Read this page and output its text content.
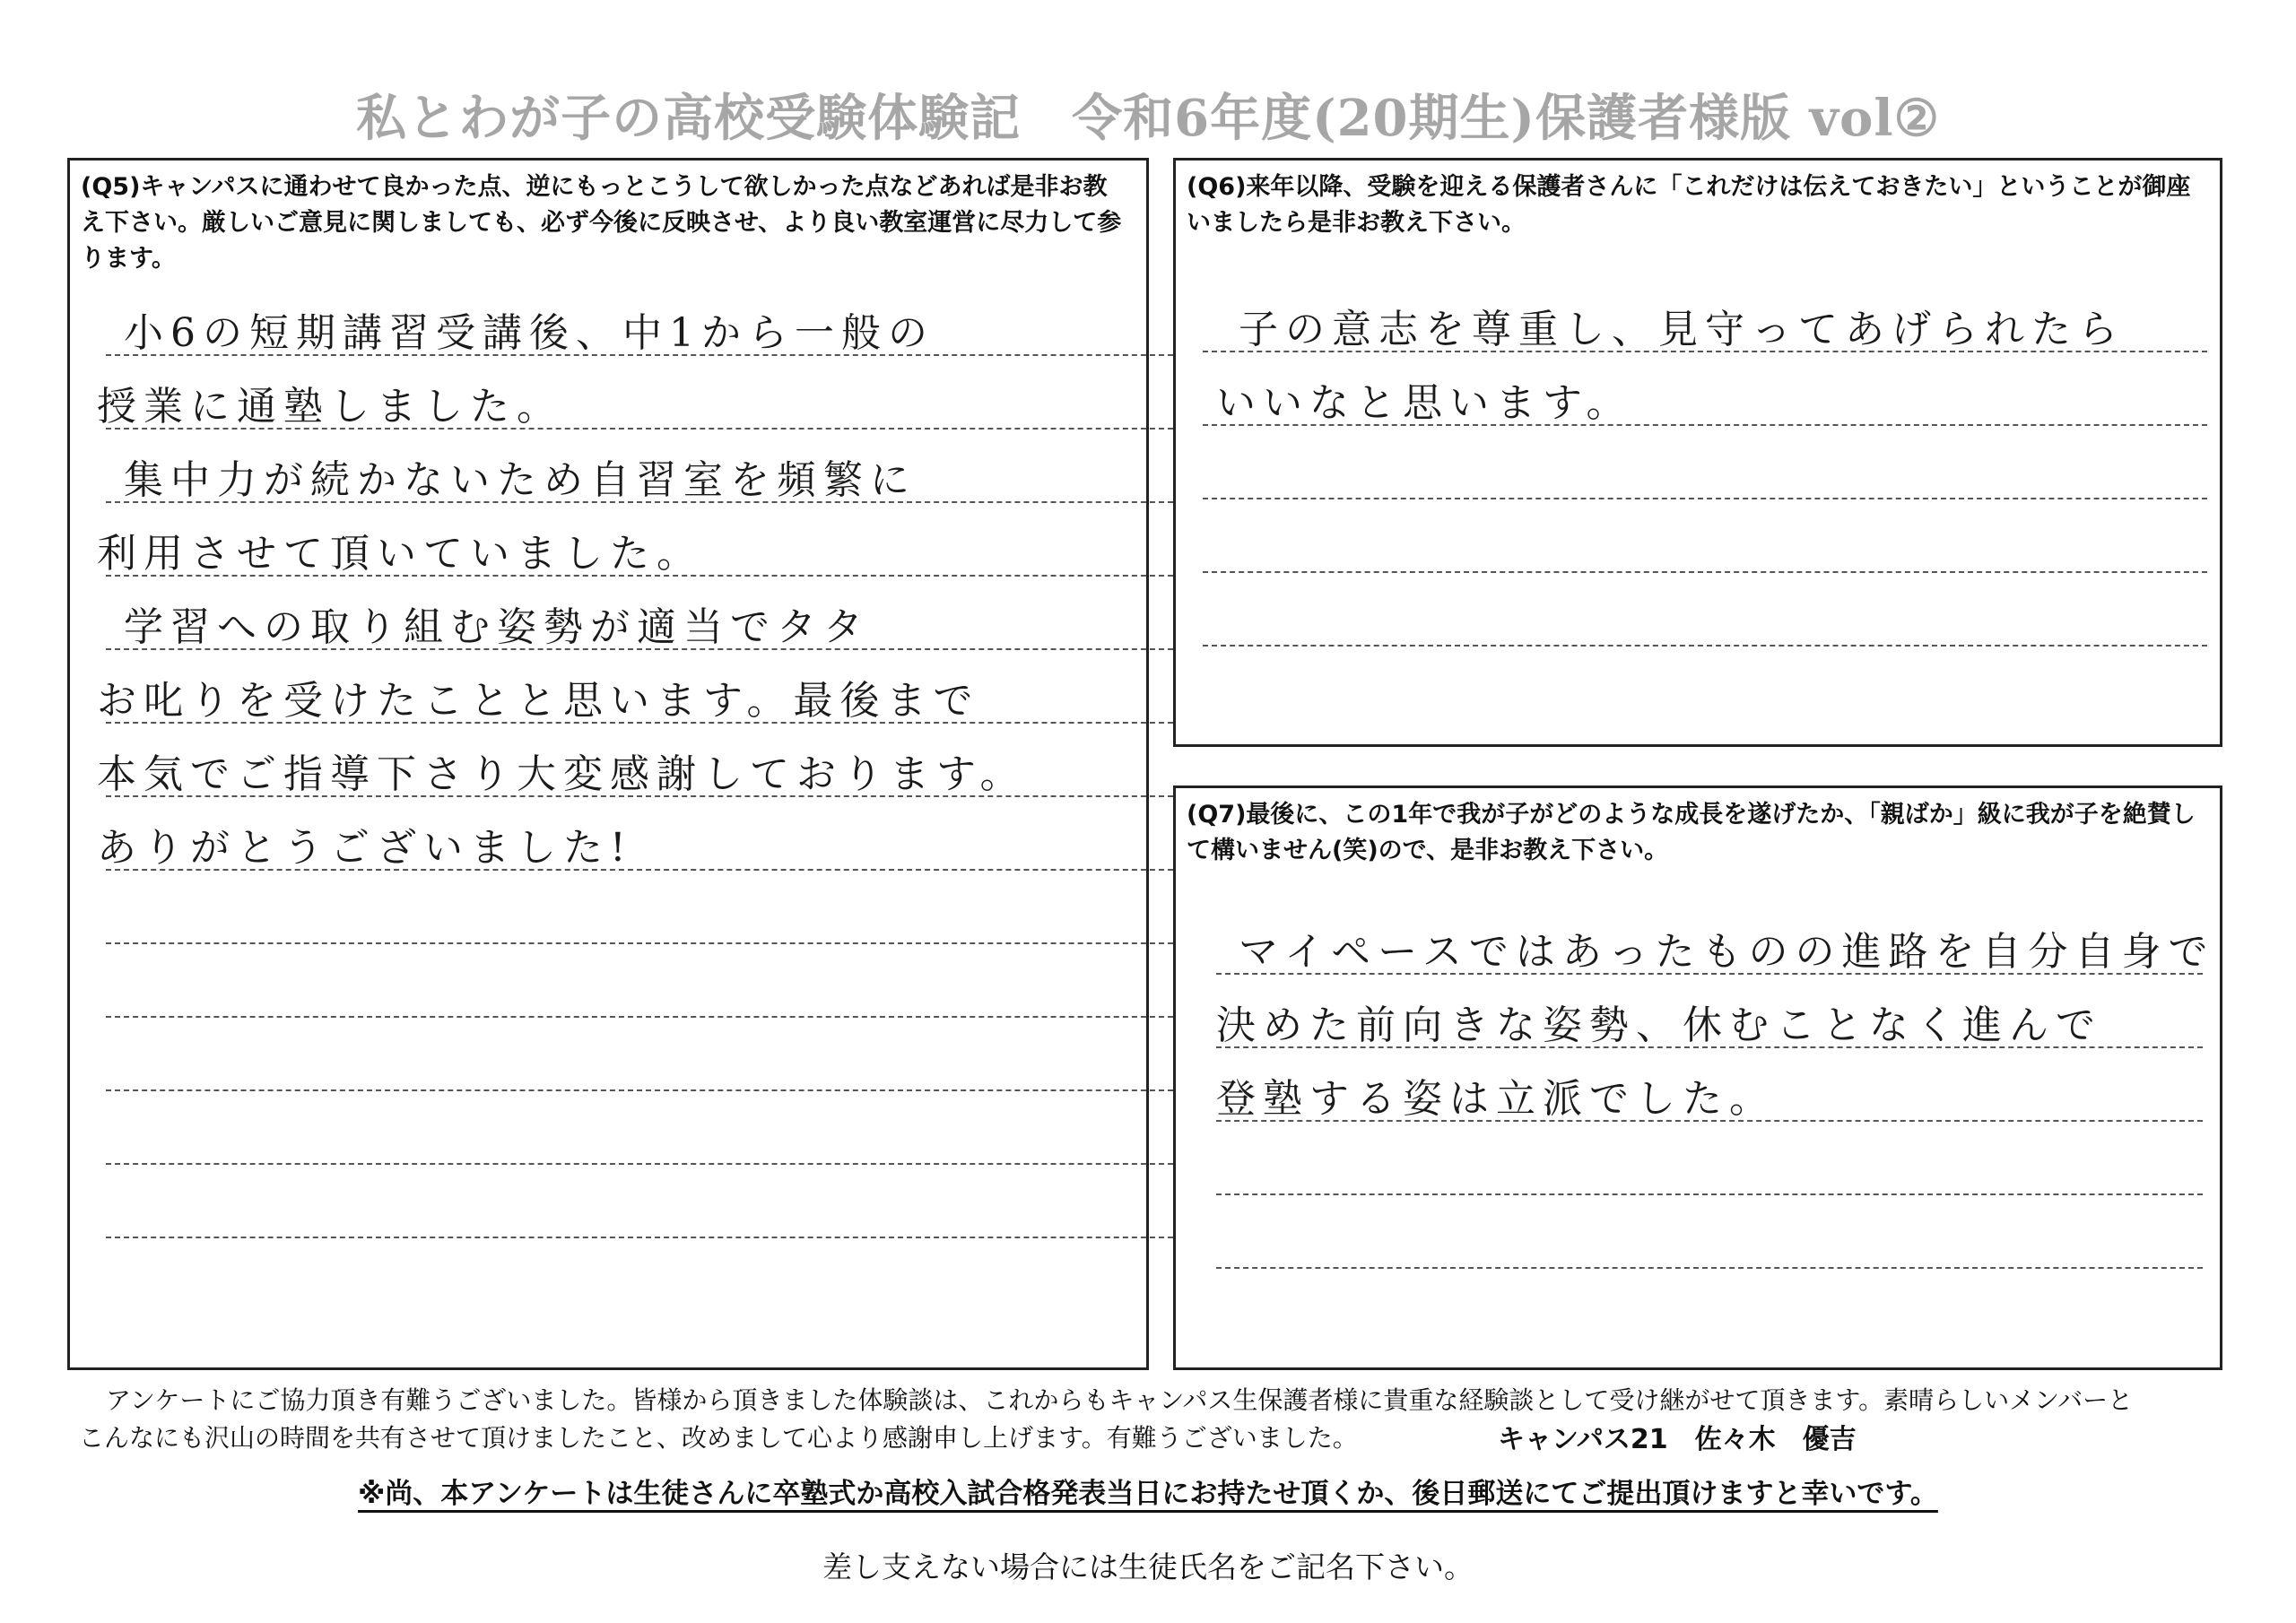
私とわが子の高校受験体験記　令和6年度(20期生)保護者様版 vol②
(Q5)キャンパスに通わせて良かった点、逆にもっとこうして欲しかった点などあれば是非お教え下さい。厳しいご意見に関しましても、必ず今後に反映させ、より良い教室運営に尽力して参ります。
小6の短期講習受講後、中1から一般の
授業に通塾しました。
集中力が続かないため自習室を頻繁に
利用させて頂いていました。
学習への取り組む姿勢が適当でタタ
お叱りを受けたことと思います。最後まで
本気でご指導下さり大変感謝しております。
ありがとうございました!
(Q6)来年以降、受験を迎える保護者さんに「これだけは伝えておきたい」ということが御座いましたら是非お教え下さい。
子の意志を尊重し、見守ってあげられたら
いいなと思います。
(Q7)最後に、この1年で我が子がどのような成長を遂げたか、「親ばか」級に我が子を絶賛して構いません(笑)ので、是非お教え下さい。
マイペースではあったものの進路を自分自身で
決めた前向きな姿勢、休むことなく進んで
登塾する姿は立派でした。
アンケートにご協力頂き有難うございました。皆様から頂きました体験談は、これからもキャンパス生保護者様に貴重な経験談として受け継がせて頂きます。素晴らしいメンバーと
こんなにも沢山の時間を共有させて頂けましたこと、改めまして心より感謝申し上げます。有難うございました。	キャンパス21　佐々木　優吉
※尚、本アンケートは生徒さんに卒塾式か高校入試合格発表当日にお持たせ頂くか、後日郵送にてご提出頂けますと幸いです。
差し支えない場合には生徒氏名をご記名下さい。
